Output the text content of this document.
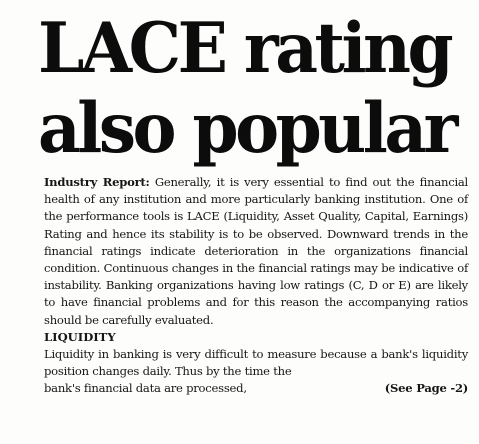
LACE rating
also popular

Industry Report: Generally, it is very essential to find out the financial health of any institution and more particularly banking institution. One of the performance tools is LACE (Liquidity, Asset Quality, Capital, Earnings) Rating and hence its stability is to be observed. Downward trends in the financial ratings indicate deterioration in the organizations financial condition. Continuous changes in the financial ratings may be indicative of instability. Banking organizations having low ratings (C, D or E) are likely to have financial problems and for this reason the accompanying ratios should be carefully evaluated.

LIQUIDITY

Liquidity in banking is very difficult to measure because a bank's liquidity position changes daily. Thus by the time the

bank's financial data are processed,	(See Page -2)
